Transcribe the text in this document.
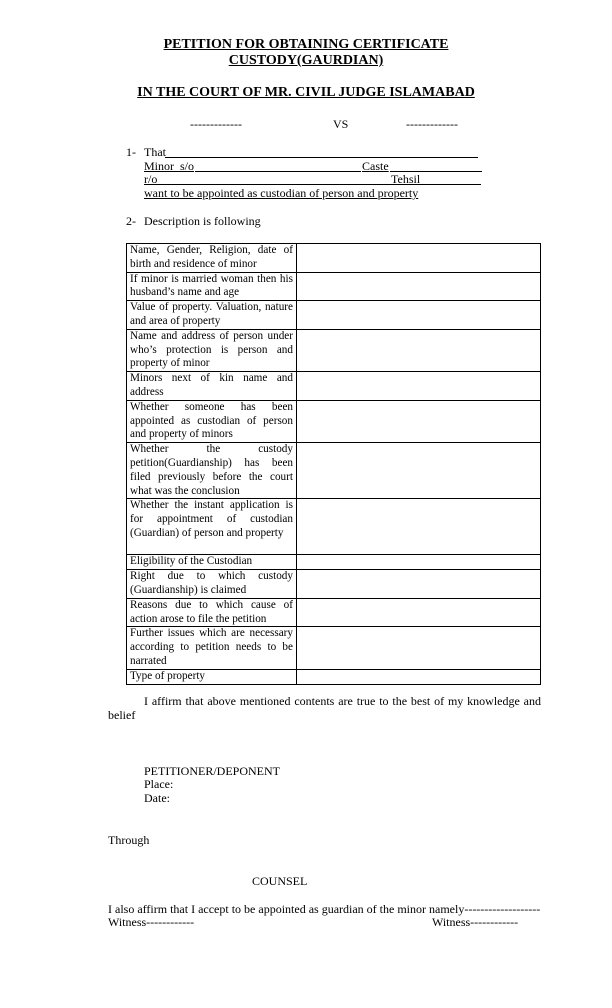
PETITION FOR OBTAINING CERTIFICATE
CUSTODY(GAURDIAN)
IN THE COURT OF MR. CIVIL JUDGE ISLAMABAD
-------------	VS	-------------
1- That
Minor_s/o	Caste
r/o	Tehsil
want to be appointed as custodian of person and property
2- Description is following
Name, Gender, Religion, date of birth and residence of minor	
If minor is married woman then his husband’s name and age	
Value of property. Valuation, nature and area of property	
Name and address of person under who’s protection is person and property of minor	
Minors next of kin name and address	
Whether someone has been appointed as custodian of person and property of minors	
Whether the custody petition(Guardianship) has been filed previously before the court what was the conclusion	
Whether the instant application is for appointment of custodian (Guardian) of person and property	
Eligibility of the Custodian	
Right due to which custody (Guardianship) is claimed	
Reasons due to which cause of action arose to file the petition	
Further issues which are necessary according to petition needs to be narrated	
Type of property	
I affirm that above mentioned contents are true to the best of my knowledge and belief
PETITIONER/DEPONENT
Place:
Date:
Through
COUNSEL
I also affirm that I accept to be appointed as guardian of the minor namely-------------------
Witness------------	Witness------------
